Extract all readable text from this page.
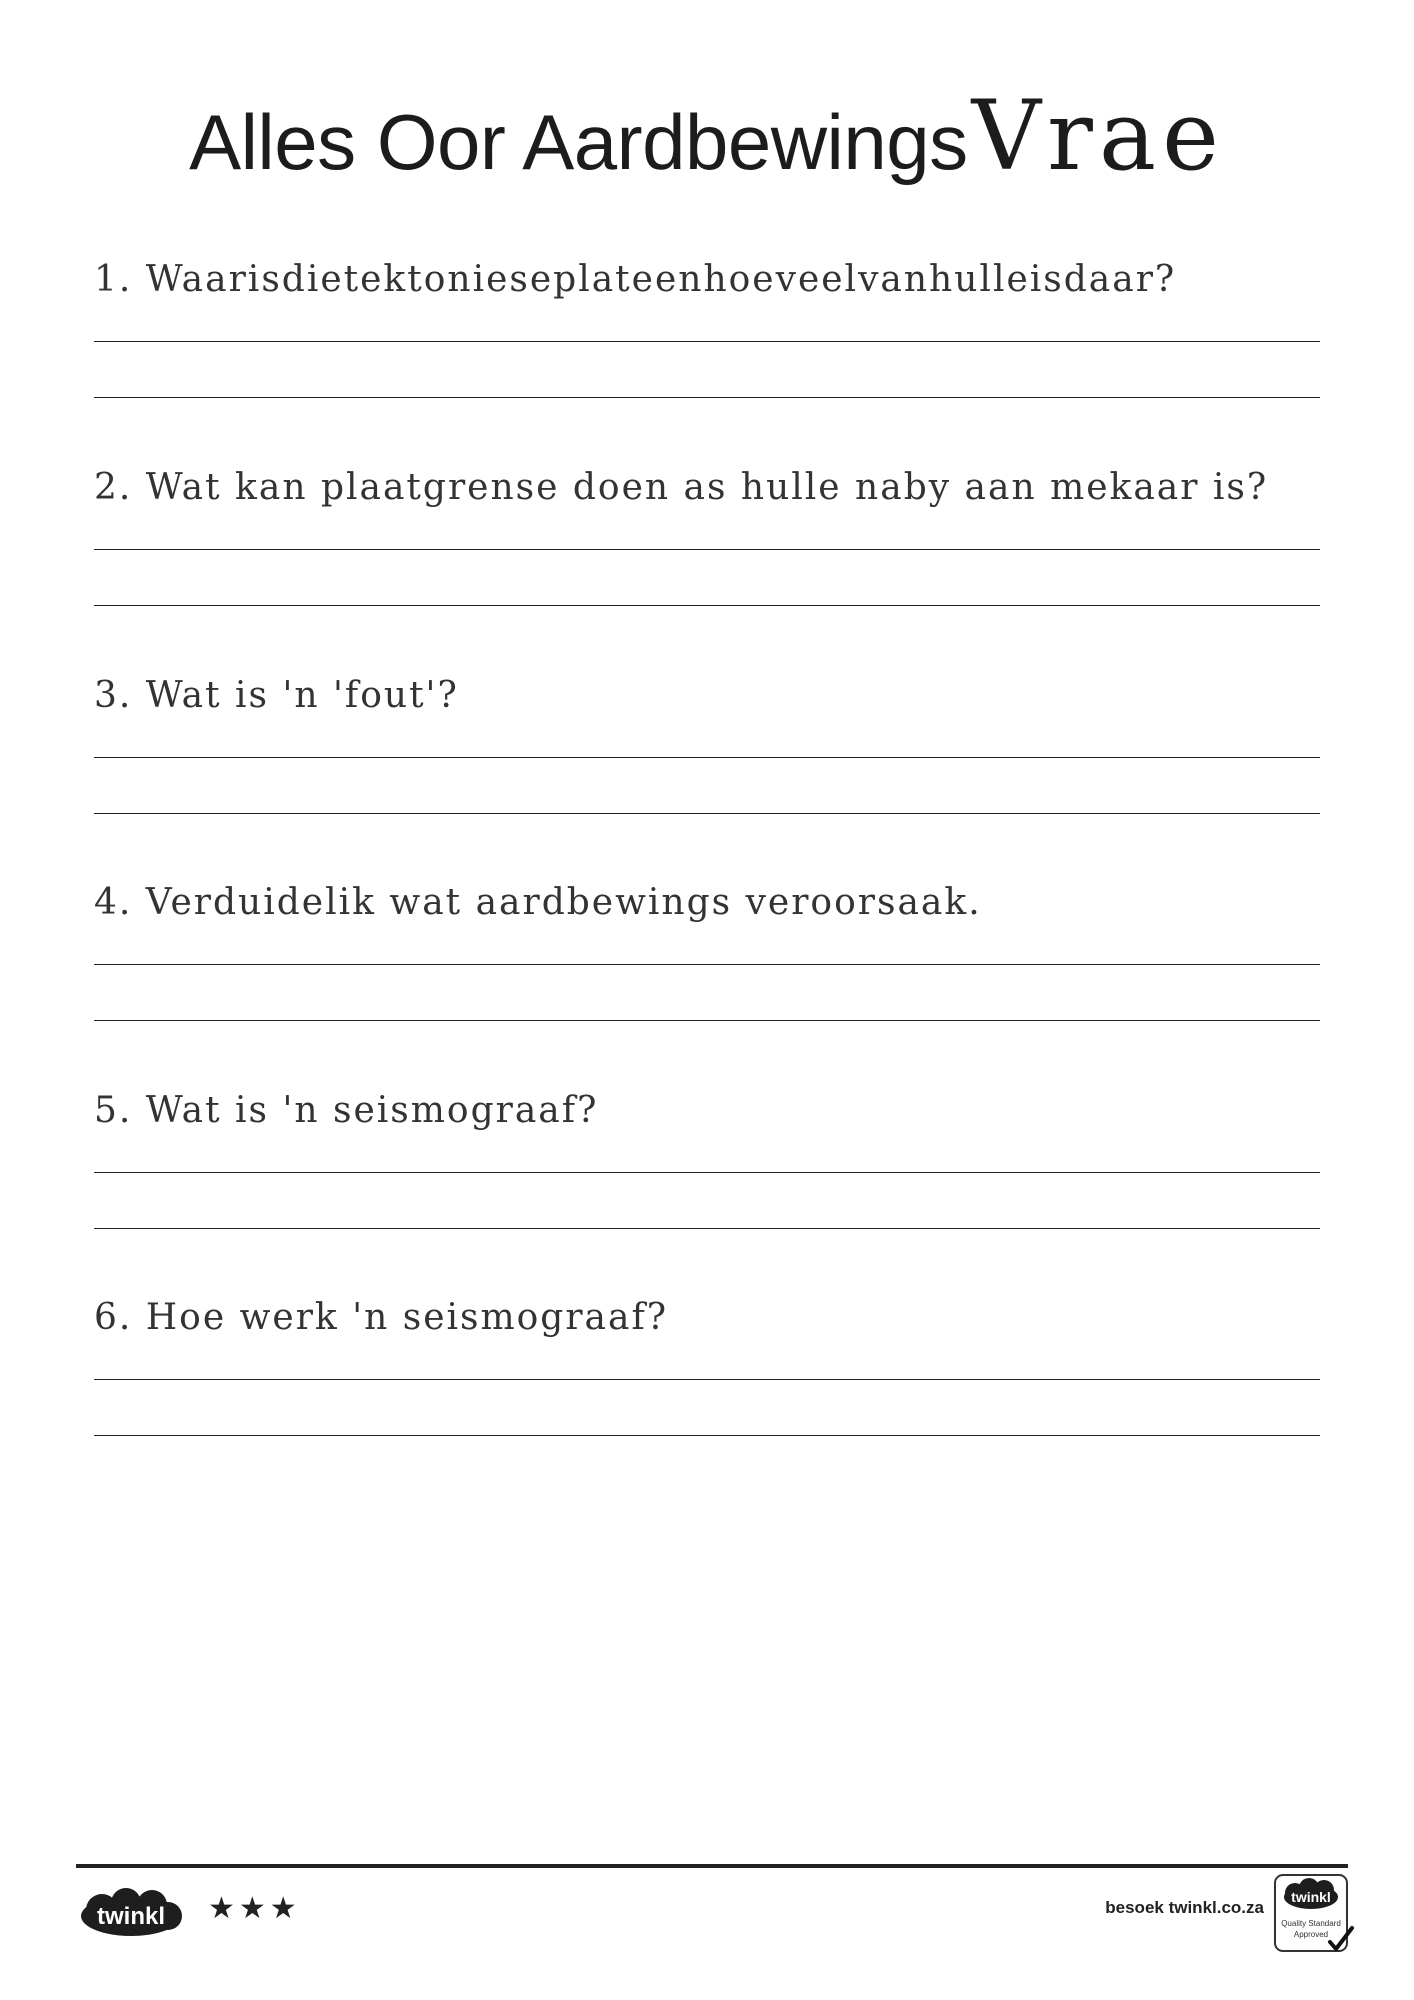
Alles Oor AardbewingsVrae
1. Waarisdietektonieseplateenhoeveelvanhulleisdaar?
2. Wat kan plaatgrense doen as hulle naby aan mekaar is?
3. Wat is 'n 'fout'?
4. Verduidelik wat aardbewings veroorsaak.
5. Wat is 'n seismograaf?
6. Hoe werk 'n seismograaf?
twinkl ★★★	besoek twinkl.co.za
twinkl
Quality Standard
Approved
